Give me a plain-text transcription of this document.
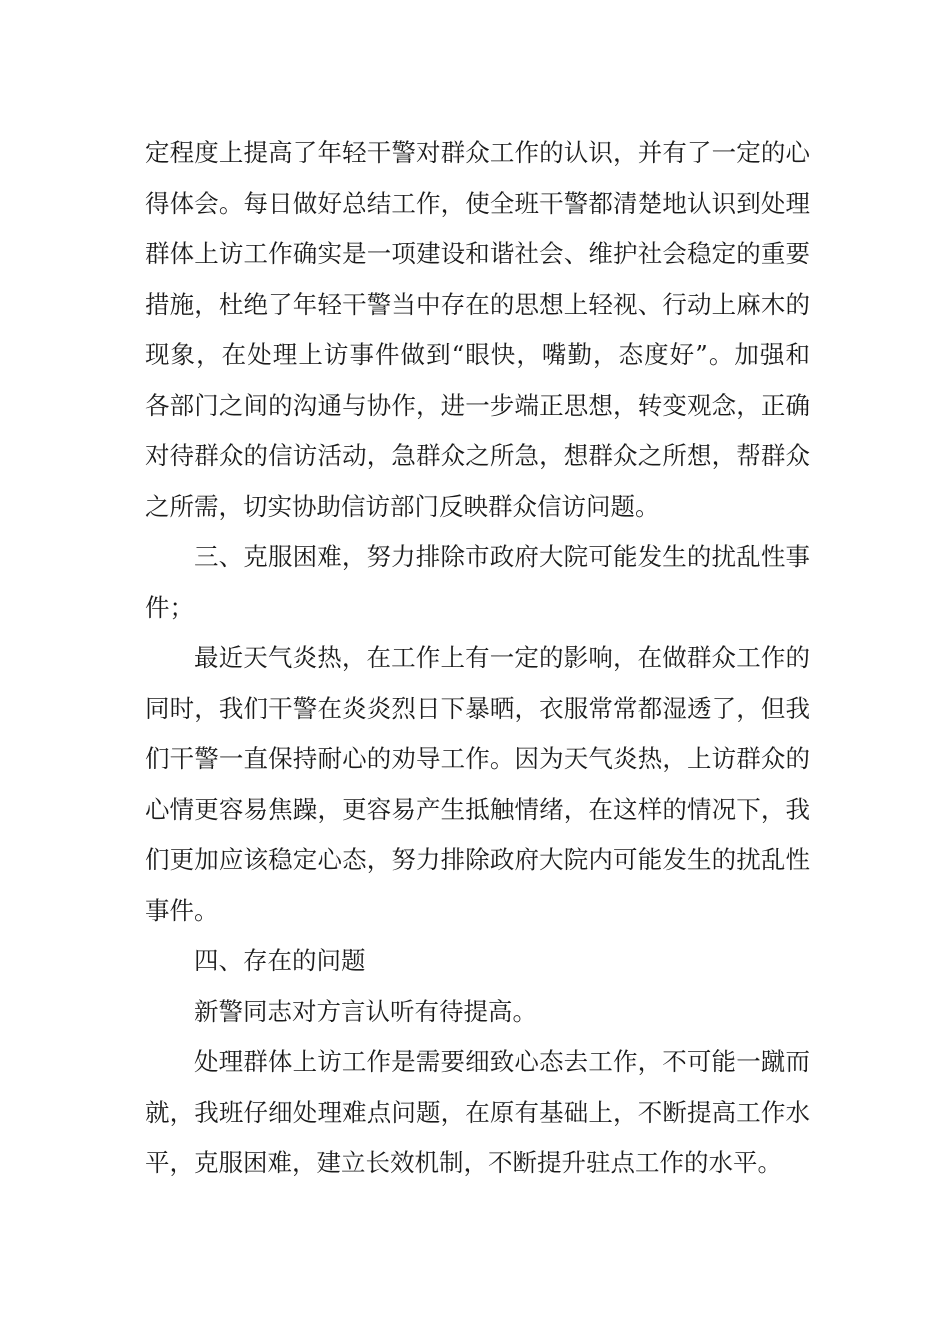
定程度上提高了年轻干警对群众工作的认识，并有了一定的心
得体会。每日做好总结工作，使全班干警都清楚地认识到处理
群体上访工作确实是一项建设和谐社会、维护社会稳定的重要
措施，杜绝了年轻干警当中存在的思想上轻视、行动上麻木的
现象，在处理上访事件做到“眼快，嘴勤，态度好”。加强和
各部门之间的沟通与协作，进一步端正思想，转变观念，正确
对待群众的信访活动，急群众之所急，想群众之所想，帮群众
之所需，切实协助信访部门反映群众信访问题。
三、克服困难，努力排除市政府大院可能发生的扰乱性事
件；
最近天气炎热，在工作上有一定的影响，在做群众工作的
同时，我们干警在炎炎烈日下暴晒，衣服常常都湿透了，但我
们干警一直保持耐心的劝导工作。因为天气炎热，上访群众的
心情更容易焦躁，更容易产生抵触情绪，在这样的情况下，我
们更加应该稳定心态，努力排除政府大院内可能发生的扰乱性
事件。
四、存在的问题
新警同志对方言认听有待提高。
处理群体上访工作是需要细致心态去工作，不可能一蹴而
就，我班仔细处理难点问题，在原有基础上，不断提高工作水
平，克服困难，建立长效机制，不断提升驻点工作的水平。
